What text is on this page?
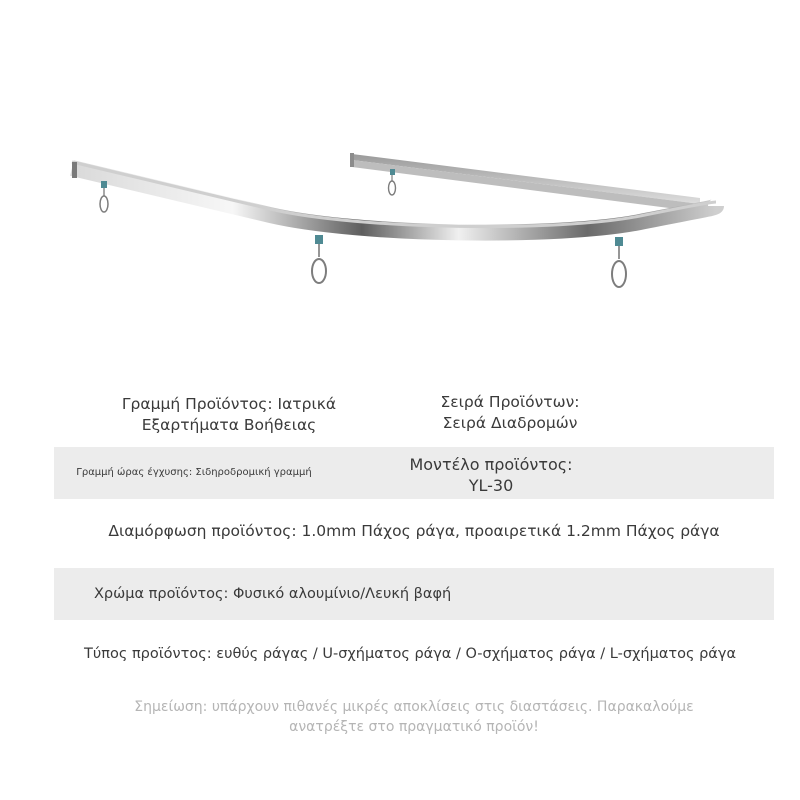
Γραμμή Προϊόντος: Ιατρικά
Εξαρτήματα Βοήθειας
Σειρά Προϊόντων:
Σειρά Διαδρομών
Γραμμή ώρας έγχυσης: Σιδηροδρομική γραμμή	Μοντέλο προϊόντος:
YL-30
Διαμόρφωση προϊόντος: 1.0mm Πάχος ράγα, προαιρετικά 1.2mm Πάχος ράγα
Χρώμα προϊόντος: Φυσικό αλουμίνιο/Λευκή βαφή
Τύπος προϊόντος: ευθύς ράγας / U-σχήματος ράγα / O-σχήματος ράγα / L-σχήματος ράγα
Σημείωση: υπάρχουν πιθανές μικρές αποκλίσεις στις διαστάσεις. Παρακαλούμε
ανατρέξτε στο πραγματικό προϊόν!
